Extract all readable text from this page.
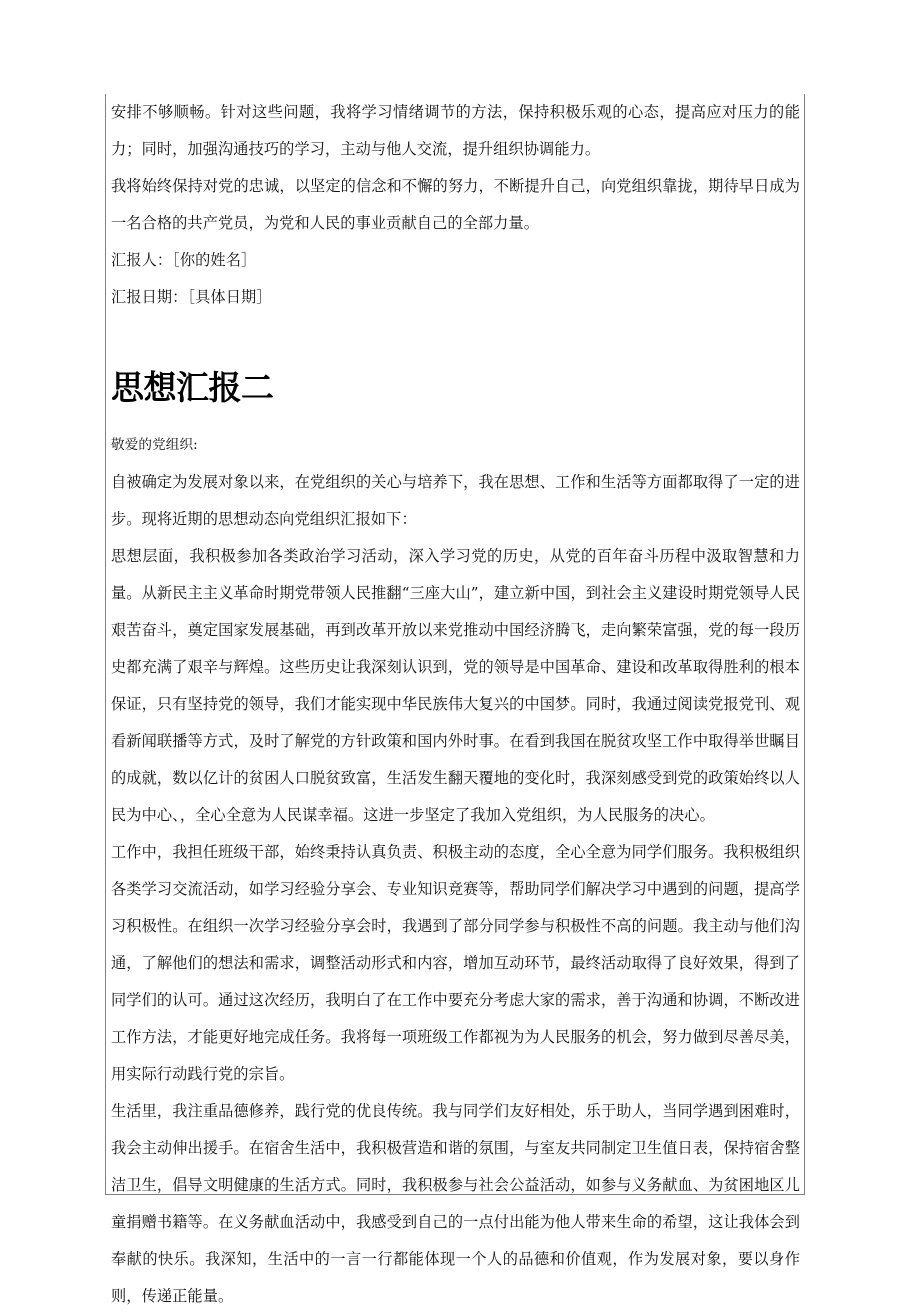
安排不够顺畅。针对这些问题，我将学习情绪调节的方法，保持积极乐观的心态，提高应对压力的能力；同时，加强沟通技巧的学习，主动与他人交流，提升组织协调能力。

我将始终保持对党的忠诚，以坚定的信念和不懈的努力，不断提升自己，向党组织靠拢，期待早日成为一名合格的共产党员，为党和人民的事业贡献自己的全部力量。

汇报人：［你的姓名］

汇报日期：［具体日期］

思想汇报二

敬爱的党组织:

自被确定为发展对象以来，在党组织的关心与培养下，我在思想、工作和生活等方面都取得了一定的进步。现将近期的思想动态向党组织汇报如下：

思想层面，我积极参加各类政治学习活动，深入学习党的历史，从党的百年奋斗历程中汲取智慧和力量。从新民主主义革命时期党带领人民推翻“三座大山”，建立新中国，到社会主义建设时期党领导人民艰苦奋斗，奠定国家发展基础，再到改革开放以来党推动中国经济腾飞，走向繁荣富强，党的每一段历史都充满了艰辛与辉煌。这些历史让我深刻认识到，党的领导是中国革命、建设和改革取得胜利的根本保证，只有坚持党的领导，我们才能实现中华民族伟大复兴的中国梦。同时，我通过阅读党报党刊、观看新闻联播等方式，及时了解党的方针政策和国内外时事。在看到我国在脱贫攻坚工作中取得举世瞩目的成就，数以亿计的贫困人口脱贫致富，生活发生翻天覆地的变化时，我深刻感受到党的政策始终以人民为中心、，全心全意为人民谋幸福。这进一步坚定了我加入党组织，为人民服务的决心。

工作中，我担任班级干部，始终秉持认真负责、积极主动的态度，全心全意为同学们服务。我积极组织各类学习交流活动，如学习经验分享会、专业知识竞赛等，帮助同学们解决学习中遇到的问题，提高学习积极性。在组织一次学习经验分享会时，我遇到了部分同学参与积极性不高的问题。我主动与他们沟通，了解他们的想法和需求，调整活动形式和内容，增加互动环节，最终活动取得了良好效果，得到了同学们的认可。通过这次经历，我明白了在工作中要充分考虑大家的需求，善于沟通和协调，不断改进工作方法，才能更好地完成任务。我将每一项班级工作都视为为人民服务的机会，努力做到尽善尽美，用实际行动践行党的宗旨。

生活里，我注重品德修养，践行党的优良传统。我与同学们友好相处，乐于助人，当同学遇到困难时，我会主动伸出援手。在宿舍生活中，我积极营造和谐的氛围，与室友共同制定卫生值日表，保持宿舍整洁卫生，倡导文明健康的生活方式。同时，我积极参与社会公益活动，如参与义务献血、为贫困地区儿童捐赠书籍等。在义务献血活动中，我感受到自己的一点付出能为他人带来生命的希望，这让我体会到奉献的快乐。我深知，生活中的一言一行都能体现一个人的品德和价值观，作为发展对象，要以身作则，传递正能量。
